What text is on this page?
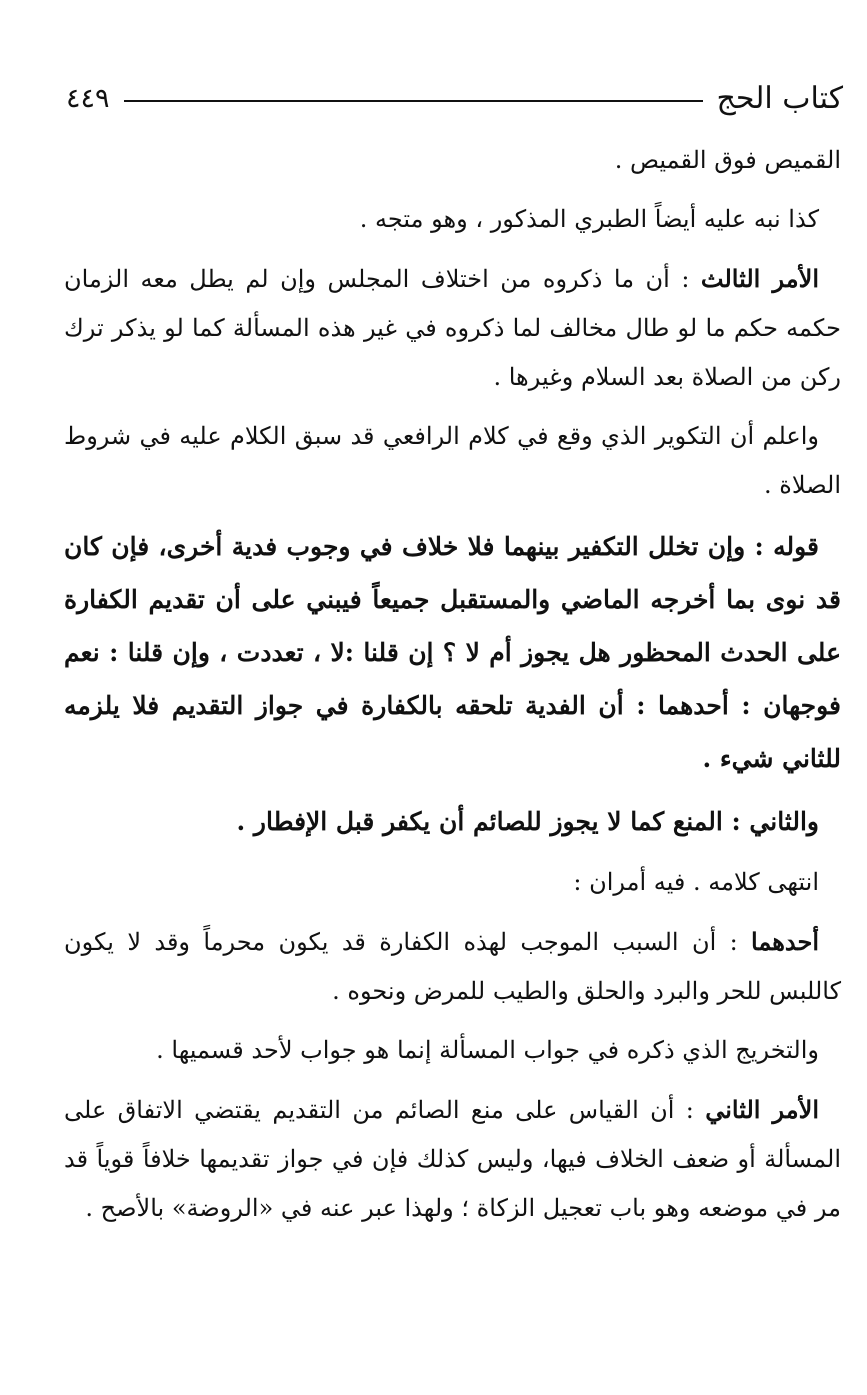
كتاب الحج
٤٤٩

القميص فوق القميص .

كذا نبه عليه أيضاً الطبري المذكور ، وهو متجه .

الأمر الثالث : أن ما ذكروه من اختلاف المجلس وإن لم يطل معه الزمان حكمه حكم ما لو طال مخالف لما ذكروه في غير هذه المسألة كما لو يذكر ترك ركن من الصلاة بعد السلام وغيرها .

واعلم أن التكوير الذي وقع في كلام الرافعي قد سبق الكلام عليه في شروط الصلاة .

قوله : وإن تخلل التكفير بينهما فلا خلاف في وجوب فدية أخرى، فإن كان قد نوى بما أخرجه الماضي والمستقبل جميعاً فيبني على أن تقديم الكفارة على الحدث المحظور هل يجوز أم لا ؟ إن قلنا :لا ، تعددت ، وإن قلنا : نعم فوجهان : أحدهما : أن الفدية تلحقه بالكفارة في جواز التقديم فلا يلزمه للثاني شيء .

والثاني : المنع كما لا يجوز للصائم أن يكفر قبل الإفطار .

انتهى كلامه . فيه أمران :

أحدهما : أن السبب الموجب لهذه الكفارة قد يكون محرماً وقد لا يكون كاللبس للحر والبرد والحلق والطيب للمرض ونحوه .

والتخريج الذي ذكره في جواب المسألة إنما هو جواب لأحد قسميها .

الأمر الثاني : أن القياس على منع الصائم من التقديم يقتضي الاتفاق على المسألة أو ضعف الخلاف فيها، وليس كذلك فإن في جواز تقديمها خلافاً قوياً قد مر في موضعه وهو باب تعجيل الزكاة ؛ ولهذا عبر عنه في «الروضة» بالأصح .
